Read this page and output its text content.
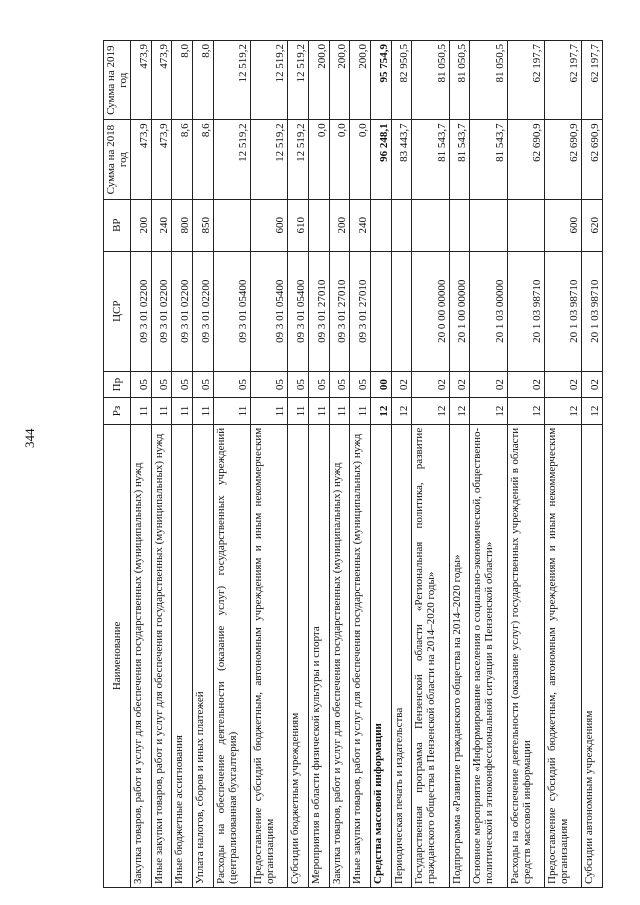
344
Наименование	Рз	Пр	ЦСР	ВР	Сумма на 2018 год	Сумма на 2019 год
Закупка товаров, работ и услуг для обеспечения государственных (муниципальных) нужд	11	05	09 3 01 02200	200	473,9	473,9
Иные закупки товаров, работ и услуг для обеспечения государственных (муниципальных) нужд	11	05	09 3 01 02200	240	473,9	473,9
Иные бюджетные ассигнования	11	05	09 3 01 02200	800	8,6	8,0
Уплата налогов, сборов и иных платежей	11	05	09 3 01 02200	850	8,6	8,0
Расходы на обеспечение деятельности (оказание услуг) государственных учреждений (централизованная бухгалтерия)	11	05	09 3 01 05400		12 519,2	12 519,2
Предоставление субсидий бюджетным, автономным учреждениям и иным некоммерческим организациям	11	05	09 3 01 05400	600	12 519,2	12 519,2
Субсидии бюджетным учреждениям	11	05	09 3 01 05400	610	12 519,2	12 519,2
Мероприятия в области физической культуры и спорта	11	05	09 3 01 27010		0,0	200,0
Закупка товаров, работ и услуг для обеспечения государственных (муниципальных) нужд	11	05	09 3 01 27010	200	0,0	200,0
Иные закупки товаров, работ и услуг для обеспечения государственных (муниципальных) нужд	11	05	09 3 01 27010	240	0,0	200,0
Средства массовой информации	12	00			96 248,1	95 754,9
Периодическая печать и издательства	12	02			83 443,7	82 950,5
Государственная программа Пензенской области «Региональная политика, развитие гражданского общества в Пензенской области на 2014–2020 годы»	12	02	20 0 00 00000		81 543,7	81 050,5
Подпрограмма «Развитие гражданского общества на 2014–2020 годы»	12	02	20 1 00 00000		81 543,7	81 050,5
Основное мероприятие «Информирование населения о социально-экономической, общественно-политической и этноконфессиональной ситуации в Пензенской области»	12	02	20 1 03 00000		81 543,7	81 050,5
Расходы на обеспечение деятельности (оказание услуг) государственных учреждений в области средств массовой информации	12	02	20 1 03 98710		62 690,9	62 197,7
Предоставление субсидий бюджетным, автономным учреждениям и иным некоммерческим организациям	12	02	20 1 03 98710	600	62 690,9	62 197,7
Субсидии автономным учреждениям	12	02	20 1 03 98710	620	62 690,9	62 197,7
